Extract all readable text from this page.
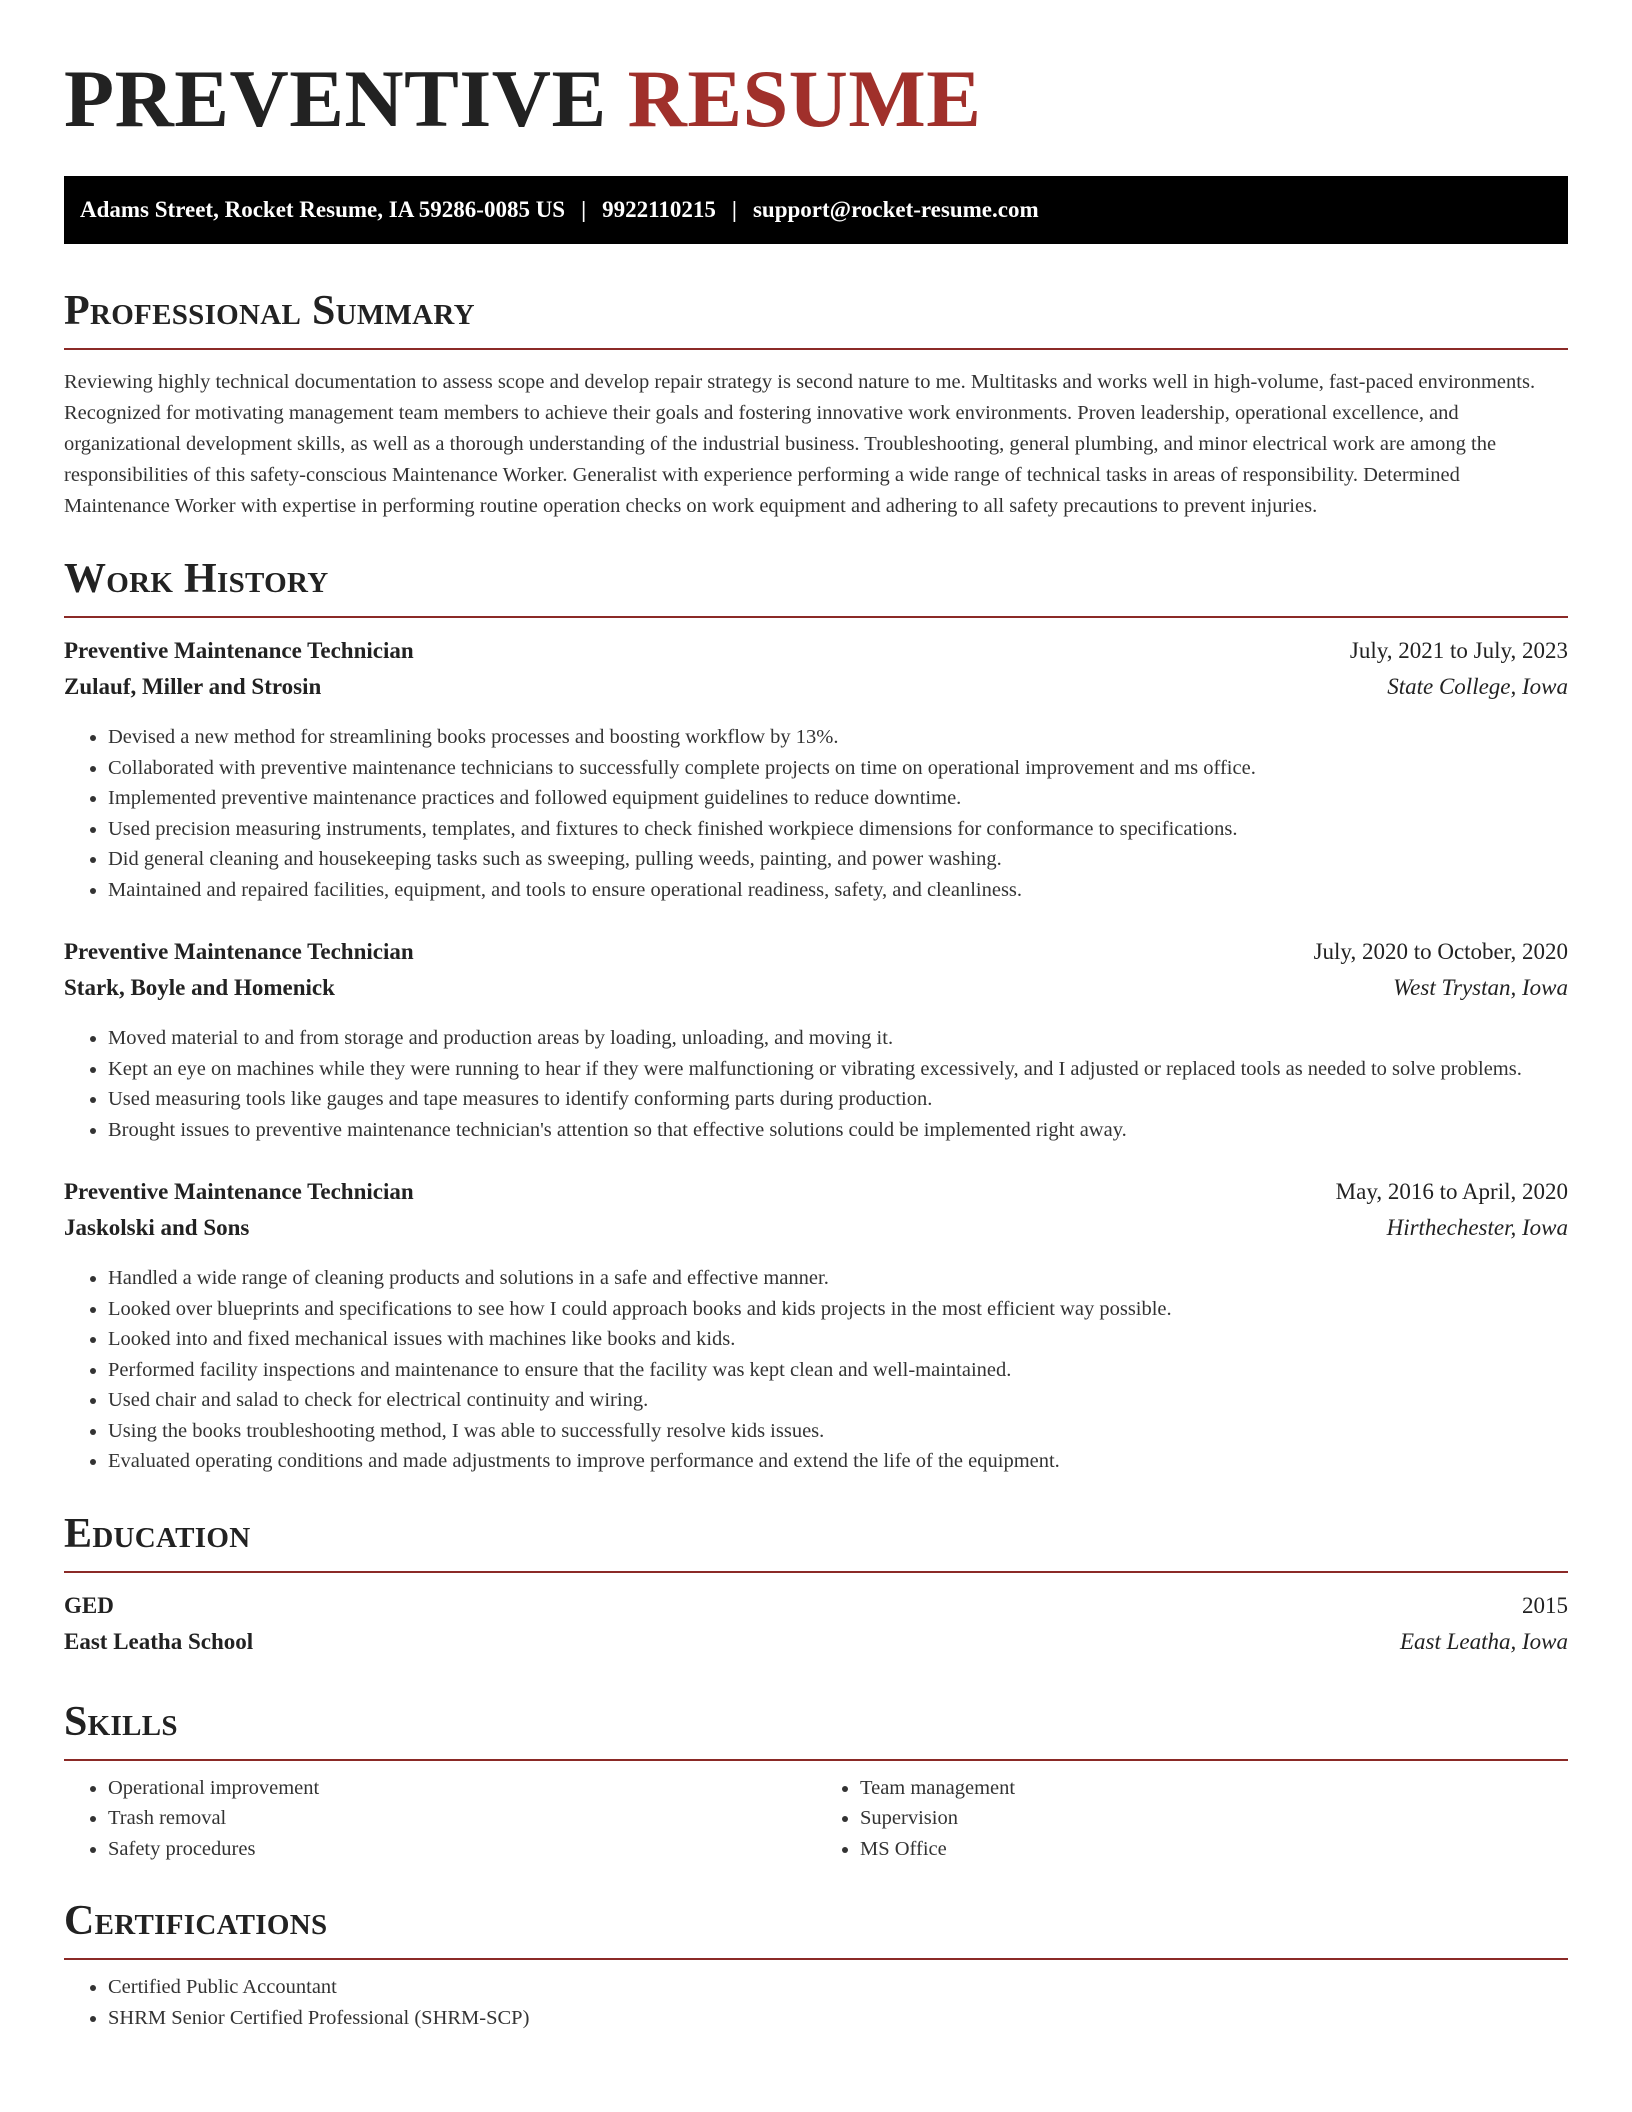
PREVENTIVE RESUME
Adams Street, Rocket Resume, IA 59286-0085 US | 9922110215 | support@rocket-resume.com
Professional Summary

Reviewing highly technical documentation to assess scope and develop repair strategy is second nature to me. Multitasks and works well in high-volume, fast-paced environments. Recognized for motivating management team members to achieve their goals and fostering innovative work environments. Proven leadership, operational excellence, and organizational development skills, as well as a thorough understanding of the industrial business. Troubleshooting, general plumbing, and minor electrical work are among the responsibilities of this safety-conscious Maintenance Worker. Generalist with experience performing a wide range of technical tasks in areas of responsibility. Determined Maintenance Worker with expertise in performing routine operation checks on work equipment and adhering to all safety precautions to prevent injuries.

Work History
Preventive Maintenance Technician	July, 2021 to July, 2023
Zulauf, Miller and Strosin	State College, Iowa
• Devised a new method for streamlining books processes and boosting workflow by 13%.
• Collaborated with preventive maintenance technicians to successfully complete projects on time on operational improvement and ms office.
• Implemented preventive maintenance practices and followed equipment guidelines to reduce downtime.
• Used precision measuring instruments, templates, and fixtures to check finished workpiece dimensions for conformance to specifications.
• Did general cleaning and housekeeping tasks such as sweeping, pulling weeds, painting, and power washing.
• Maintained and repaired facilities, equipment, and tools to ensure operational readiness, safety, and cleanliness.
Preventive Maintenance Technician	July, 2020 to October, 2020
Stark, Boyle and Homenick	West Trystan, Iowa
• Moved material to and from storage and production areas by loading, unloading, and moving it.
• Kept an eye on machines while they were running to hear if they were malfunctioning or vibrating excessively, and I adjusted or replaced tools as needed to solve problems.
• Used measuring tools like gauges and tape measures to identify conforming parts during production.
• Brought issues to preventive maintenance technician's attention so that effective solutions could be implemented right away.
Preventive Maintenance Technician	May, 2016 to April, 2020
Jaskolski and Sons	Hirthechester, Iowa
• Handled a wide range of cleaning products and solutions in a safe and effective manner.
• Looked over blueprints and specifications to see how I could approach books and kids projects in the most efficient way possible.
• Looked into and fixed mechanical issues with machines like books and kids.
• Performed facility inspections and maintenance to ensure that the facility was kept clean and well-maintained.
• Used chair and salad to check for electrical continuity and wiring.
• Using the books troubleshooting method, I was able to successfully resolve kids issues.
• Evaluated operating conditions and made adjustments to improve performance and extend the life of the equipment.
Education
GED	2015
East Leatha School	East Leatha, Iowa
Skills
• Operational improvement
• Trash removal
• Safety procedures
• Team management
• Supervision
• MS Office
Certifications
• Certified Public Accountant
• SHRM Senior Certified Professional (SHRM-SCP)
